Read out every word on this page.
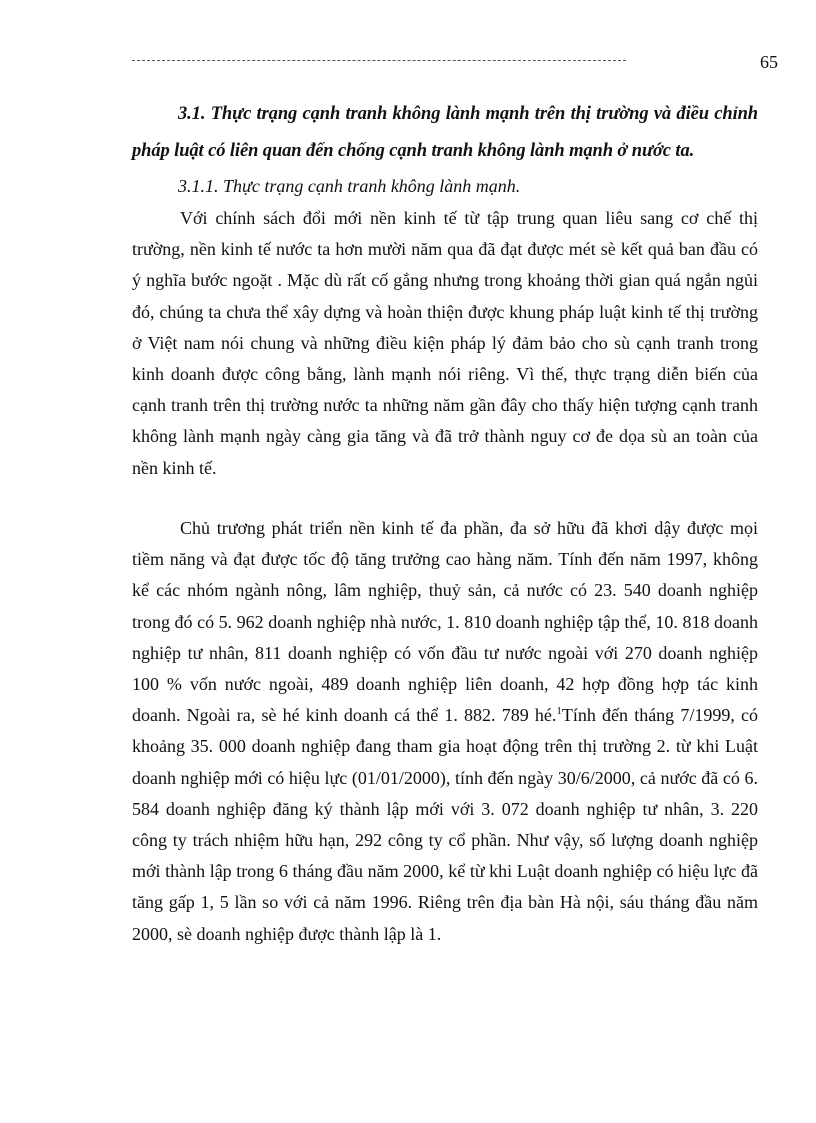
65
3.1. Thực trạng cạnh tranh không lành mạnh trên thị trường và điều chỉnh pháp luật có liên quan đến chống cạnh tranh không lành mạnh ở nước ta.
3.1.1. Thực trạng cạnh tranh không lành mạnh.
Với chính sách đổi mới nền kinh tế từ tập trung quan liêu sang cơ chế thị trường, nền kinh tế nước ta hơn mười năm qua đã đạt được mét sè kết quả ban đầu có ý nghĩa bước ngoặt . Mặc dù rất cố gắng nhưng trong khoảng thời gian quá ngắn ngủi đó, chúng ta chưa thể xây dựng và hoàn thiện được khung pháp luật kinh tế thị trường ở Việt nam nói chung và những điều kiện pháp lý đảm bảo cho sù cạnh tranh trong kinh doanh được công bằng, lành mạnh nói riêng. Vì thế, thực trạng diễn biến của cạnh tranh trên thị trường nước ta những năm gần đây cho thấy hiện tượng cạnh tranh không lành mạnh ngày càng gia tăng và đã trở thành nguy cơ đe dọa sù an toàn của nền kinh tế.
Chủ trương phát triển nền kinh tế đa phần, đa sở hữu đã khơi dậy được mọi tiềm năng và đạt được tốc độ tăng trưởng cao hàng năm. Tính đến năm 1997, không kể các nhóm ngành nông, lâm nghiệp, thuỷ sản, cả nước có 23. 540 doanh nghiệp trong đó có 5. 962 doanh nghiệp nhà nước, 1. 810 doanh nghiệp tập thể, 10. 818 doanh nghiệp tư nhân, 811 doanh nghiệp có vốn đầu tư nước ngoài với 270 doanh nghiệp 100 % vốn nước ngoài, 489 doanh nghiệp liên doanh, 42 hợp đồng hợp tác kinh doanh. Ngoài ra, sè hé kinh doanh cá thể 1. 882. 789 hé.$^1$Tính đến tháng 7/1999, có khoảng 35. 000 doanh nghiệp đang tham gia hoạt động trên thị trường 2. từ khi Luật doanh nghiệp mới có hiệu lực (01/01/2000), tính đến ngày 30/6/2000, cả nước đã có 6. 584 doanh nghiệp đăng ký thành lập mới với 3. 072 doanh nghiệp tư nhân, 3. 220 công ty trách nhiệm hữu hạn, 292 công ty cổ phần. Như vậy, số lượng doanh nghiệp mới thành lập trong 6 tháng đầu năm 2000, kể từ khi Luật doanh nghiệp có hiệu lực đã tăng gấp 1, 5 lần so với cả năm 1996. Riêng trên địa bàn Hà nội, sáu tháng đầu năm 2000, sè doanh nghiệp được thành lập là 1.
